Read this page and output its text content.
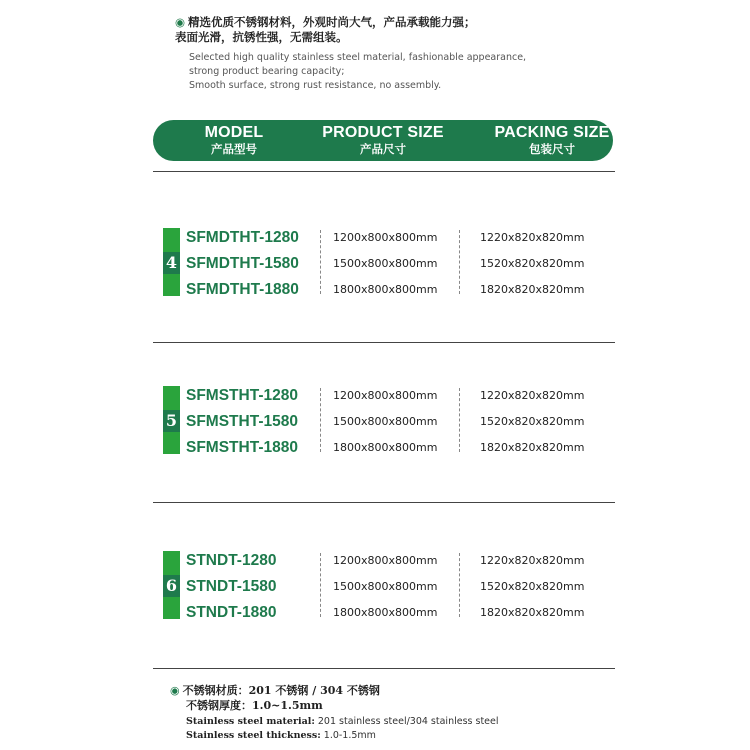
◉ 精选优质不锈钢材料，外观时尚大气，产品承载能力强；
表面光滑，抗锈性强，无需组装。
Selected high quality stainless steel material, fashionable appearance,
strong product bearing capacity;
Smooth surface, strong rust resistance, no assembly.
MODEL
产品型号
PRODUCT SIZE
产品尺寸
PACKING SIZE
包装尺寸
4
SFMDTHT-1280
SFMDTHT-1580
SFMDTHT-1880
1200x800x800mm
1500x800x800mm
1800x800x800mm
1220x820x820mm
1520x820x820mm
1820x820x820mm
5
SFMSTHT-1280
SFMSTHT-1580
SFMSTHT-1880
1200x800x800mm
1500x800x800mm
1800x800x800mm
1220x820x820mm
1520x820x820mm
1820x820x820mm
6
STNDT-1280
STNDT-1580
STNDT-1880
1200x800x800mm
1500x800x800mm
1800x800x800mm
1220x820x820mm
1520x820x820mm
1820x820x820mm
◉ 不锈钢材质：201 不锈钢 / 304 不锈钢
不锈钢厚度：1.0~1.5mm
Stainless steel material: 201 stainless steel/304 stainless steel
Stainless steel thickness: 1.0-1.5mm
